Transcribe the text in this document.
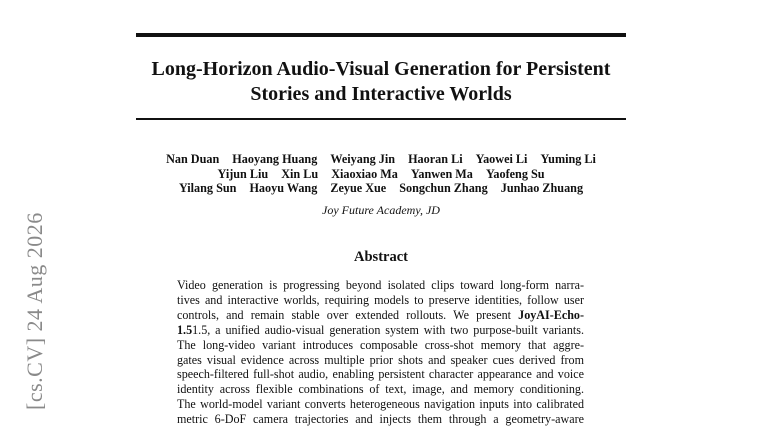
Long-Horizon Audio-Visual Generation for Persistent
Stories and Interactive Worlds
Nan Duan Haoyang Huang Weiyang Jin Haoran Li Yaowei Li Yuming Li
Yijun Liu Xin Lu Xiaoxiao Ma Yanwen Ma Yaofeng Su
Yilang Sun Haoyu Wang Zeyue Xue Songchun Zhang Junhao Zhuang
Joy Future Academy, JD
Abstract
Video generation is progressing beyond isolated clips toward long-form narra-
tives and interactive worlds, requiring models to preserve identities, follow user
controls, and remain stable over extended rollouts. We present JoyAI-Echo-
1.51.5, a unified audio-visual generation system with two purpose-built variants.
The long-video variant introduces composable cross-shot memory that aggre-
gates visual evidence across multiple prior shots and speaker cues derived from
speech-filtered full-shot audio, enabling persistent character appearance and voice
identity across flexible combinations of text, image, and memory conditioning.
The world-model variant converts heterogeneous navigation inputs into calibrated
metric 6-DoF camera trajectories and injects them through a geometry-aware
[cs.CV] 24 Aug 2026
